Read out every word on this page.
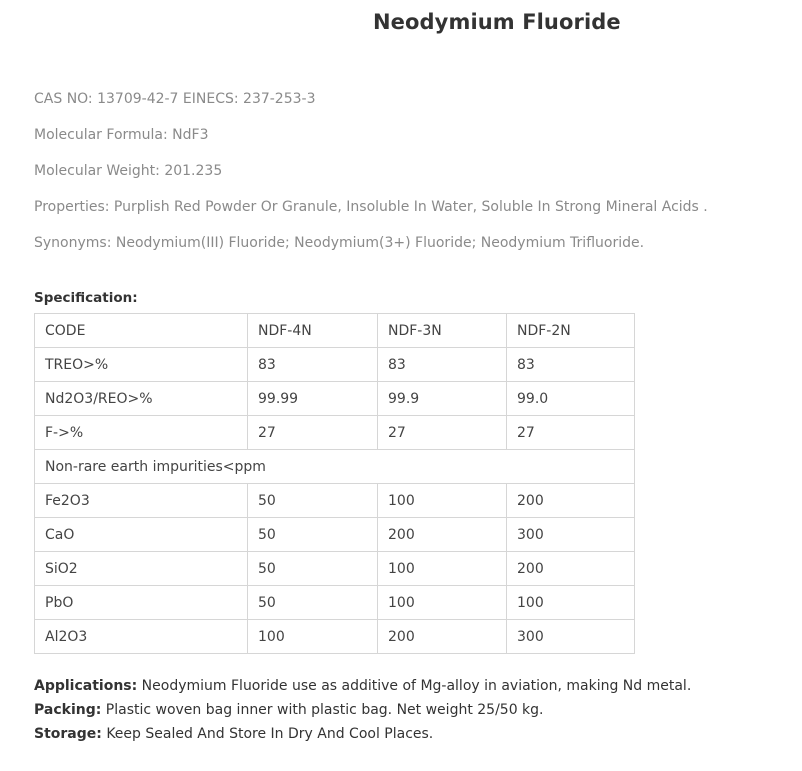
Neodymium Fluoride
CAS NO: 13709-42-7 EINECS: 237-253-3
Molecular Formula: NdF3
Molecular Weight: 201.235
Properties: Purplish Red Powder Or Granule, Insoluble In Water, Soluble In Strong Mineral Acids .
Synonyms: Neodymium(III) Fluoride; Neodymium(3+) Fluoride; Neodymium Trifluoride.
Specification:
CODE	NDF-4N	NDF-3N	NDF-2N
TREO>%	83	83	83
Nd2O3/REO>%	99.99	99.9	99.0
F->%	27	27	27
Non-rare earth impurities<ppm			
Fe2O3	50	100	200
CaO	50	200	300
SiO2	50	100	200
PbO	50	100	100
Al2O3	100	200	300
Applications: Neodymium Fluoride use as additive of Mg-alloy in aviation, making Nd metal.
Packing: Plastic woven bag inner with plastic bag. Net weight 25/50 kg.
Storage: Keep Sealed And Store In Dry And Cool Places.
